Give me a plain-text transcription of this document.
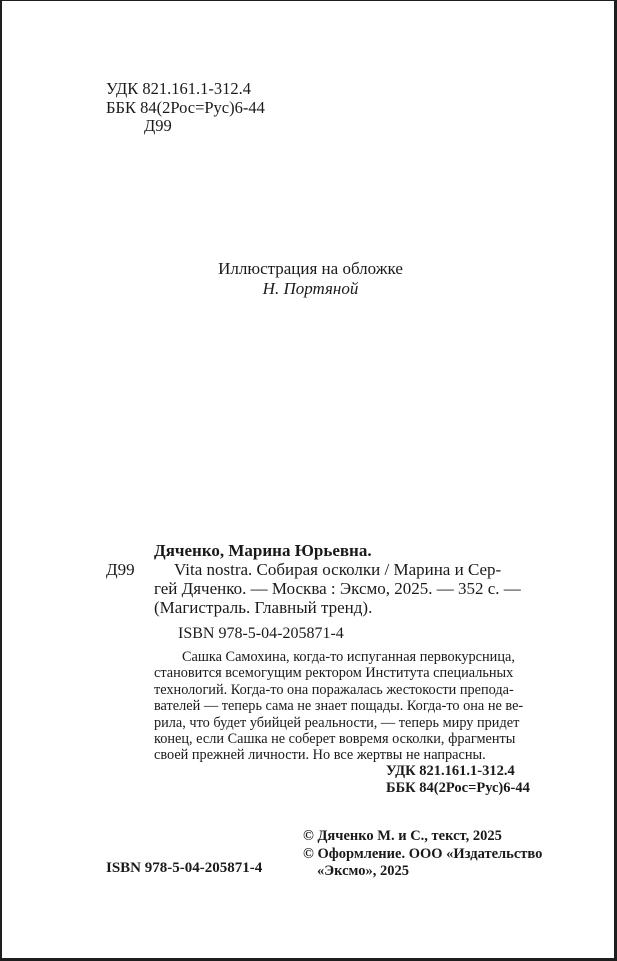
УДК 821.161.1-312.4
ББК 84(2Рос=Рус)6-44
Д99
Иллюстрация на обложке
Н. Портяной
Дяченко, Марина Юрьевна.
Д99	Vita nostra. Собирая осколки / Марина и Сер-
гей Дяченко. — Москва : Эксмо, 2025. — 352 с. —
(Магистраль. Главный тренд).
ISBN 978-5-04-205871-4
Сашка Самохина, когда-то испуганная первокурсница,
становится всемогущим ректором Института специальных
технологий. Когда-то она поражалась жестокости препода-
вателей — теперь сама не знает пощады. Когда-то она не ве-
рила, что будет убийцей реальности, — теперь миру придет
конец, если Сашка не соберет вовремя осколки, фрагменты
своей прежней личности. Но все жертвы не напрасны.
УДК 821.161.1-312.4
ББК 84(2Рос=Рус)6-44
© Дяченко М. и С., текст, 2025
© Оформление. ООО «Издательство
«Эксмо», 2025
ISBN 978-5-04-205871-4
